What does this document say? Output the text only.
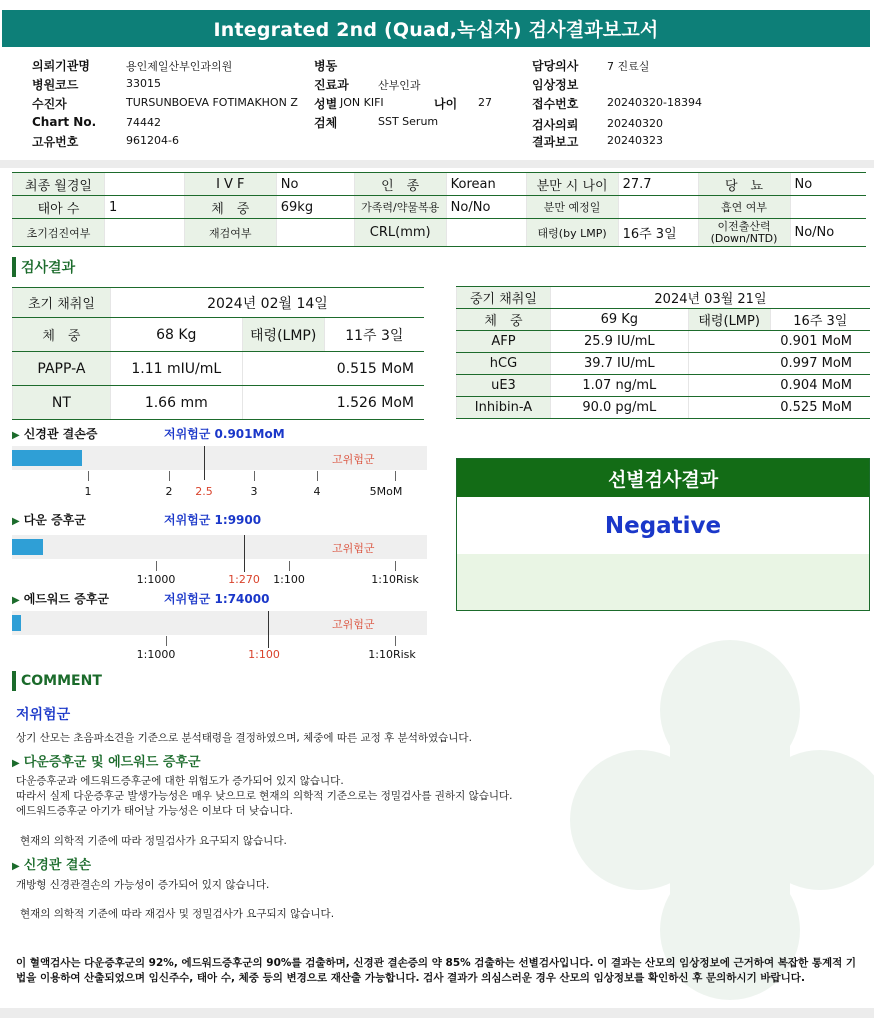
Integrated 2nd (Quad,녹십자) 검사결과보고서
의뢰기관명	용인제일산부인과의원
병원코드	33015
수진자	TURSUNBOEVA FOTIMAKHON Z
Chart No.	74442
고유번호	961204-6
병동
진료과	산부인과
성별 JON KIFI	나이 27
검체	SST Serum
담당의사	7 진료실
임상정보
접수번호	20240320-18394
검사의뢰	20240320
결과보고	20240323
최종 월경일		I V F	No	인　종	Korean	분만 시 나이	27.7	당　뇨	No
태아 수	1	체　중	69kg	가족력/약물복용	No/No	분만 예정일		흡연 여부	
초기검진여부		재검여부		CRL(mm)		태령(by LMP)	16주 3일	이전출산력 (Down/NTD)	No/No
검사결과
초기 채취일	2024년 02월 14일		
체　중	68 Kg	태령(LMP)	11주 3일
PAPP-A	1.11 mIU/mL	0.515 MoM	
NT	1.66 mm	1.526 MoM	
중기 채취일	2024년 03월 21일		
체　중	69 Kg	태령(LMP)	16주 3일
AFP	25.9 IU/mL	0.901 MoM	
hCG	39.7 IU/mL	0.997 MoM	
uE3	1.07 ng/mL	0.904 MoM	
Inhibin-A	90.0 pg/mL	0.525 MoM	
▶ 신경관 결손증	저위험군 0.901MoM
고위험군
1	2 2.5	3	4	5MoM
▶ 다운 증후군	저위험군 1:9900
고위험군
1:1000	1:270 1:100	1:10Risk
▶ 에드워드 증후군	저위험군 1:74000
고위험군
1:1000	1:100	1:10Risk
선별검사결과
Negative
COMMENT
저위험군
상기 산모는 초음파소견을 기준으로 분석태령을 결정하였으며, 체중에 따른 교정 후 분석하였습니다.
▶ 다운증후군 및 에드워드 증후군
다운증후군과 에드워드증후군에 대한 위험도가 증가되어 있지 않습니다.
따라서 실제 다운증후군 발생가능성은 매우 낮으므로 현재의 의학적 기준으로는 정밀검사를 권하지 않습니다.
에드워드증후군 아기가 태어날 가능성은 이보다 더 낮습니다.
현재의 의학적 기준에 따라 정밀검사가 요구되지 않습니다.
▶ 신경관 결손
개방형 신경관결손의 가능성이 증가되어 있지 않습니다.
현재의 의학적 기준에 따라 재검사 및 정밀검사가 요구되지 않습니다.
이 혈액검사는 다운증후군의 92%, 에드워드증후군의 90%를 검출하며, 신경관 결손증의 약 85% 검출하는 선별검사입니다. 이 결과는 산모의 임상정보에 근거하여 복잡한 통계적 기법을 이용하여 산출되었으며 임신주수, 태아 수, 체중 등의 변경으로 재산출 가능합니다. 검사 결과가 의심스러운 경우 산모의 임상정보를 확인하신 후 문의하시기 바랍니다.
